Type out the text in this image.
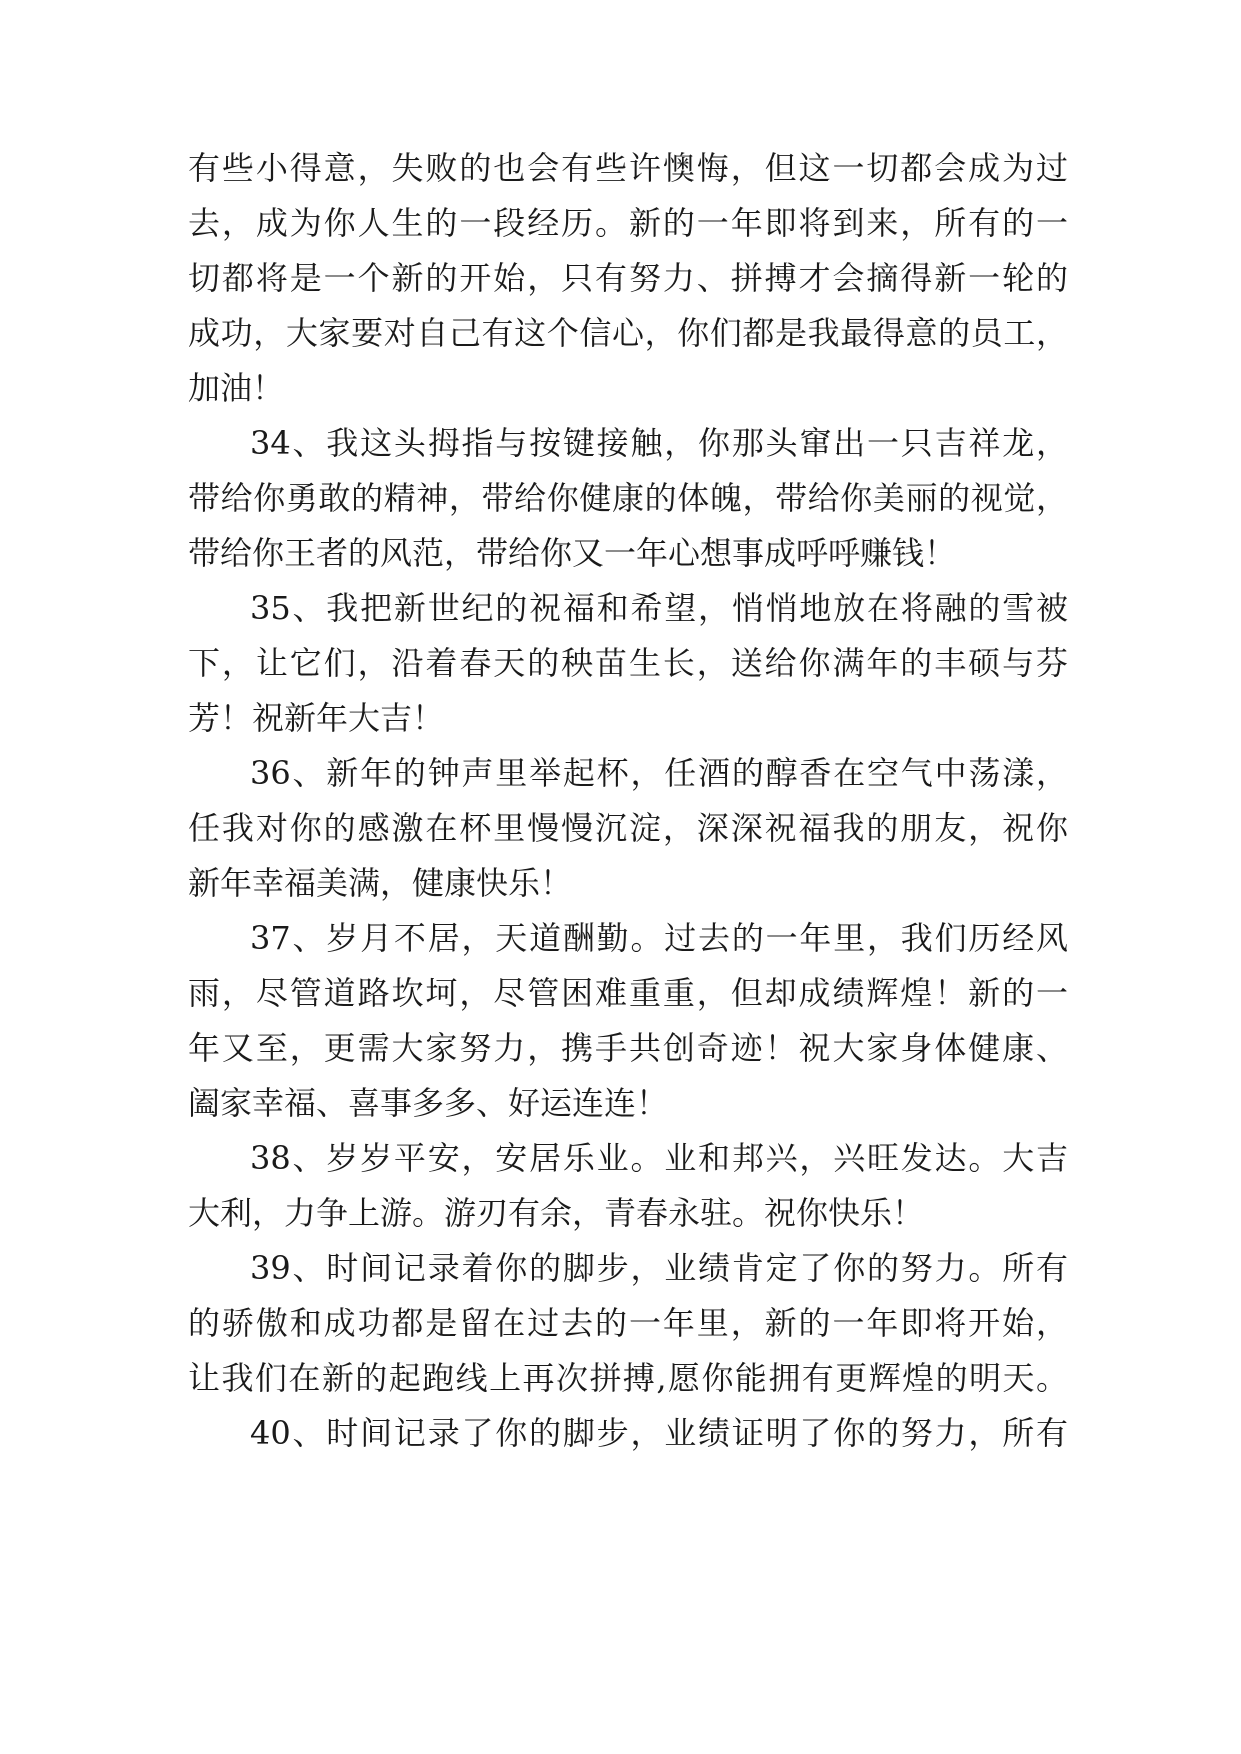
有些小得意，失败的也会有些许懊悔，但这一切都会成为过
去，成为你人生的一段经历。新的一年即将到来，所有的一
切都将是一个新的开始，只有努力、拼搏才会摘得新一轮的
成功，大家要对自己有这个信心，你们都是我最得意的员工，
加油！
34、我这头拇指与按键接触，你那头窜出一只吉祥龙，
带给你勇敢的精神，带给你健康的体魄，带给你美丽的视觉，
带给你王者的风范，带给你又一年心想事成呼呼赚钱！
35、我把新世纪的祝福和希望，悄悄地放在将融的雪被
下，让它们，沿着春天的秧苗生长，送给你满年的丰硕与芬
芳！祝新年大吉！
36、新年的钟声里举起杯，任酒的醇香在空气中荡漾，
任我对你的感激在杯里慢慢沉淀，深深祝福我的朋友，祝你
新年幸福美满，健康快乐！
37、岁月不居，天道酬勤。过去的一年里，我们历经风
雨，尽管道路坎坷，尽管困难重重，但却成绩辉煌！新的一
年又至，更需大家努力，携手共创奇迹！祝大家身体健康、
阖家幸福、喜事多多、好运连连！
38、岁岁平安，安居乐业。业和邦兴，兴旺发达。大吉
大利，力争上游。游刃有余，青春永驻。祝你快乐！
39、时间记录着你的脚步，业绩肯定了你的努力。所有
的骄傲和成功都是留在过去的一年里，新的一年即将开始，
让我们在新的起跑线上再次拼搏,愿你能拥有更辉煌的明天。
40、时间记录了你的脚步，业绩证明了你的努力，所有
